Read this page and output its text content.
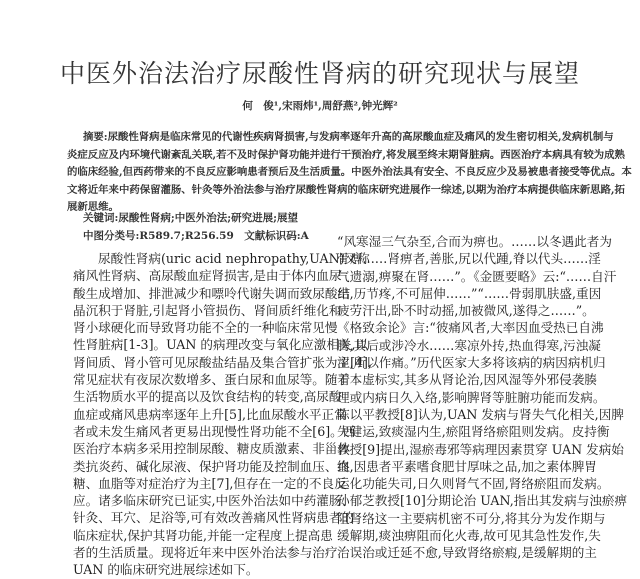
中医外治法治疗尿酸性肾病的研究现状与展望
何　俊¹,宋雨炜¹,周舒燕²,钟光辉²
摘要:尿酸性肾病是临床常见的代谢性疾病肾损害,与发病率逐年升高的高尿酸血症及痛风的发生密切相关,发病机制与
炎症反应及内环境代谢紊乱关联,若不及时保护肾功能并进行干预治疗,将发展至终末期肾脏病。西医治疗本病具有较为成熟
的临床经验,但西药带来的不良反应影响患者预后及生活质量。中医外治法具有安全、不良反应少及易被患者接受等优点。本
文将近年来中药保留灌肠、针灸等外治法参与治疗尿酸性肾病的临床研究进展作一综述,以期为治疗本病提供临床新思路,拓
展新思维。
关键词:尿酸性肾病;中医外治法;研究进展;展望
中图分类号:R589.7;R256.59　文献标识码:A
尿酸性肾病(uric acid nephropathy,UAN)又称
痛风性肾病、高尿酸血症肾损害,是由于体内血尿
酸生成增加、排泄减少和嘌呤代谢失调而致尿酸结
晶沉积于肾脏,引起肾小管损伤、肾间质纤维化和
肾小球硬化而导致肾功能不全的一种临床常见慢
性肾脏病[1-3]。UAN 的病理改变与氧化应激相关,以
肾间质、肾小管可见尿酸盐结晶及集合管扩张为主[4],
常见症状有夜尿次数增多、蛋白尿和血尿等。随着
生活物质水平的提高以及饮食结构的转变,高尿酸
血症或痛风患病率逐年上升[5],比血尿酸水平正常
者或未发生痛风者更易出现慢性肾功能不全[6]。西
医治疗本病多采用控制尿酸、糖皮质激素、非甾体
类抗炎药、碱化尿液、保护肾功能及控制血压、血
糖、血脂等对症治疗为主[7],但存在一定的不良反
应。诸多临床研究已证实,中医外治法如中药灌肠、
针灸、耳穴、足浴等,可有效改善痛风性肾病患者的
临床症状,保护其肾功能,并能一定程度上提高患
者的生活质量。现将近年来中医外治法参与治疗
UAN 的临床研究进展综述如下。
“风寒湿三气杂至,合而为痹也。……以冬遇此者为
骨痹……肾痹者,善胀,尻以代踵,脊以代头……淫
气遗溺,痹聚在肾……”。《金匮要略》云:“……自汗
出,历节疼,不可屈伸……”“……骨弱肌肤盛,重因
疲劳汗出,卧不时动摇,加被微风,遂得之……”。
《格致余论》言:“彼痛风者,大率因血受热已自沸
腾,其后或涉冷水……寒凉外抟,热血得寒,污浊凝
涩,所以作痛。”历代医家大多将该病的病因病机归
于本虚标实,其多从肾论治,因风湿等外邪侵袭腠
理或内病日久入络,影响脾肾等脏腑功能而发病。
陈以平教授[8]认为,UAN 发病与肾失气化相关,因脾
失健运,致痰湿内生,瘀阻肾络瘀阻则发病。皮持衡
教授[9]提出,湿瘀毒邪等病理因素贯穿 UAN 发病始
终,因患者平素嗜食肥甘厚味之品,加之素体脾胃
运化功能失司,日久则肾气不固,肾络瘀阻而发病。
孙郁芝教授[10]分期论治 UAN,指出其发病与浊瘀痹
阻肾络这一主要病机密不可分,将其分为发作期与
缓解期,痰浊痹阻而化火毒,故可见其急性发作,失
治误治或迁延不愈,导致肾络瘀瘕,是缓解期的主
